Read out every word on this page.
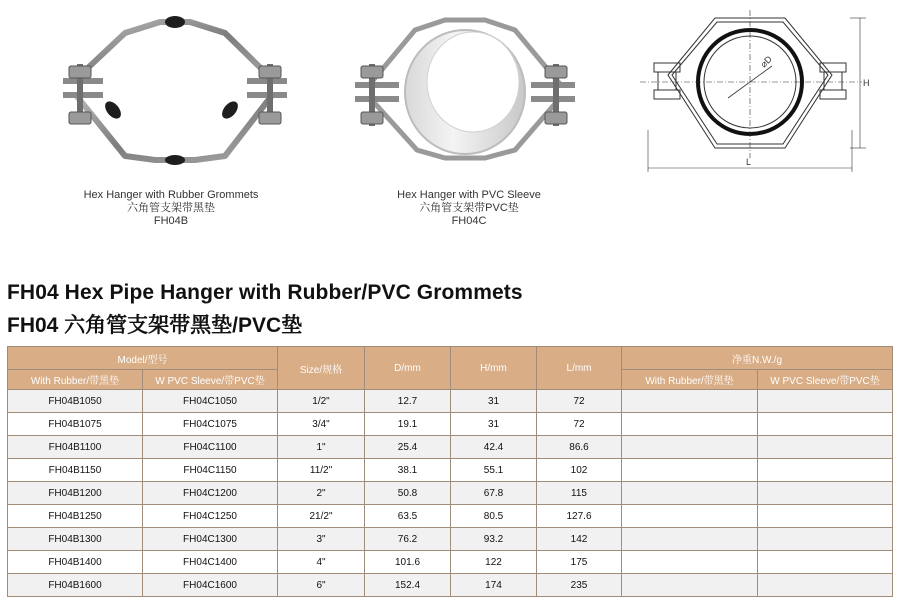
⌀D
H
L
Hex Hanger with Rubber Grommets
六角管支架带黑垫
FH04B
Hex Hanger with PVC Sleeve
六角管支架带PVC垫
FH04C
FH04 Hex Pipe Hanger with Rubber/PVC Grommets
FH04 六角管支架带黑垫/PVC垫
Model/型号		Size/规格	D/mm	H/mm	L/mm	净重N.W./g	
With Rubber/带黑垫	W PVC Sleeve/带PVC垫					With Rubber/带黑垫	W PVC Sleeve/带PVC垫
FH04B1050	FH04C1050	1/2"	12.7	31	72		
FH04B1075	FH04C1075	3/4"	19.1	31	72		
FH04B1100	FH04C1100	1"	25.4	42.4	86.6		
FH04B1150	FH04C1150	11/2"	38.1	55.1	102		
FH04B1200	FH04C1200	2"	50.8	67.8	115		
FH04B1250	FH04C1250	21/2"	63.5	80.5	127.6		
FH04B1300	FH04C1300	3"	76.2	93.2	142		
FH04B1400	FH04C1400	4"	101.6	122	175		
FH04B1600	FH04C1600	6"	152.4	174	235		
